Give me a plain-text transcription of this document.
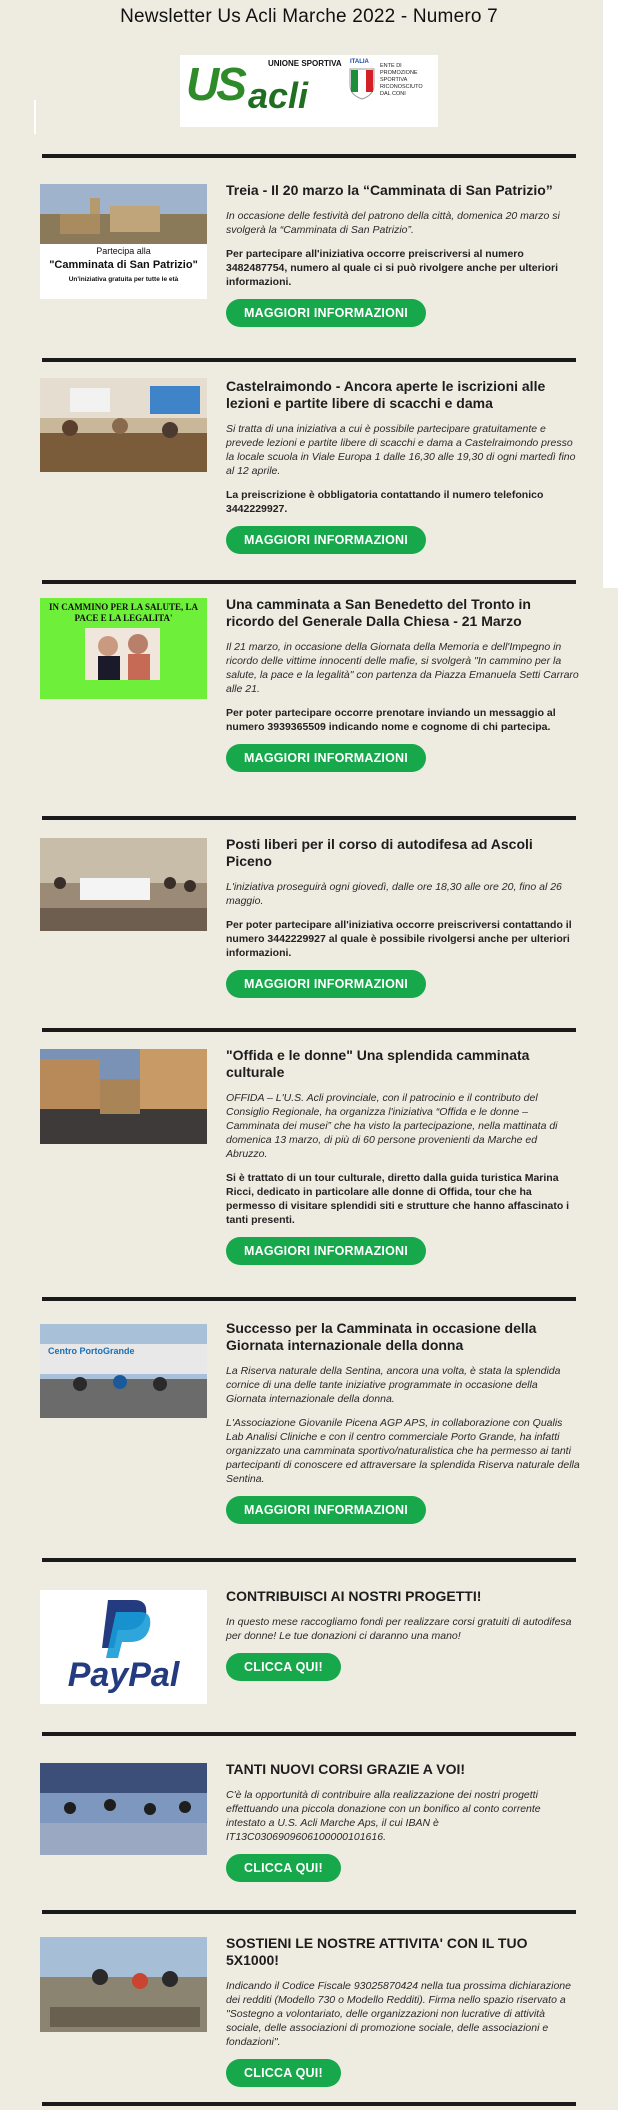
Newsletter Us Acli Marche 2022 - Numero 7
US acli
UNIONE SPORTIVA ITALIA
ENTE DI PROMOZIONE SPORTIVA RICONOSCIUTO DAL CONI
Partecipa alla
"Camminata di San Patrizio"
Un'iniziativa gratuita per tutte le età
Treia - Il 20 marzo la “Camminata di San Patrizio”
In occasione delle festività del patrono della città, domenica 20 marzo si svolgerà la “Camminata di San Patrizio”.
Per partecipare all'iniziativa occorre preiscriversi al numero 3482487754, numero al quale ci si può rivolgere anche per ulteriori informazioni.
MAGGIORI INFORMAZIONI
Castelraimondo - Ancora aperte le iscrizioni alle lezioni e partite libere di scacchi e dama
Si tratta di una iniziativa a cui è possibile partecipare gratuitamente e prevede lezioni e partite libere di scacchi e dama a Castelraimondo presso la locale scuola in Viale Europa 1 dalle 16,30 alle 19,30 di ogni martedì fino al 12 aprile.
La preiscrizione è obbligatoria contattando il numero telefonico 3442229927.
MAGGIORI INFORMAZIONI
IN CAMMINO PER LA SALUTE, LA PACE E LA LEGALITA'
Una camminata a San Benedetto del Tronto in ricordo del Generale Dalla Chiesa - 21 Marzo
Il 21 marzo, in occasione della Giornata della Memoria e dell'Impegno in ricordo delle vittime innocenti delle mafie, si svolgerà "In cammino per la salute, la pace e la legalità" con partenza da Piazza Emanuela Setti Carraro alle 21.
Per poter partecipare occorre prenotare inviando un messaggio al numero 3939365509 indicando nome e cognome di chi partecipa.
MAGGIORI INFORMAZIONI
Posti liberi per il corso di autodifesa ad Ascoli Piceno
L'iniziativa proseguirà ogni giovedì, dalle ore 18,30 alle ore 20, fino al 26 maggio.
Per poter partecipare all'iniziativa occorre preiscriversi contattando il numero 3442229927 al quale è possibile rivolgersi anche per ulteriori informazioni.
MAGGIORI INFORMAZIONI
"Offida e le donne" Una splendida camminata culturale
OFFIDA – L'U.S. Acli provinciale, con il patrocinio e il contributo del Consiglio Regionale, ha organizza l'iniziativa “Offida e le donne – Camminata dei musei” che ha visto la partecipazione, nella mattinata di domenica 13 marzo, di più di 60 persone provenienti da Marche ed Abruzzo.
Si è trattato di un tour culturale, diretto dalla guida turistica Marina Ricci, dedicato in particolare alle donne di Offida, tour che ha permesso di visitare splendidi siti e strutture che hanno affascinato i tanti presenti.
MAGGIORI INFORMAZIONI
Centro PortoGrande
Successo per la Camminata in occasione della Giornata internazionale della donna
La Riserva naturale della Sentina, ancora una volta, è stata la splendida cornice di una delle tante iniziative programmate in occasione della Giornata internazionale della donna.
L'Associazione Giovanile Picena AGP APS, in collaborazione con Qualis Lab Analisi Cliniche e con il centro commerciale Porto Grande, ha infatti organizzato una camminata sportivo/naturalistica che ha permesso ai tanti partecipanti di conoscere ed attraversare la splendida Riserva naturale della Sentina.
MAGGIORI INFORMAZIONI
PayPal
CONTRIBUISCI AI NOSTRI PROGETTI!
In questo mese raccogliamo fondi per realizzare corsi gratuiti di autodifesa per donne! Le tue donazioni ci daranno una mano!
CLICCA QUI!
TANTI NUOVI CORSI GRAZIE A VOI!
C'è la opportunità di contribuire alla realizzazione dei nostri progetti effettuando una piccola donazione con un bonifico al conto corrente intestato a U.S. Acli Marche Aps, il cui IBAN è IT13C0306909606100000101616.
CLICCA QUI!
SOSTIENI LE NOSTRE ATTIVITA' CON IL TUO 5X1000!
Indicando il Codice Fiscale 93025870424 nella tua prossima dichiarazione dei redditi (Modello 730 o Modello Redditi). Firma nello spazio riservato a "Sostegno a volontariato, delle organizzazioni non lucrative di attività sociale, delle associazioni di promozione sociale, delle associazioni e fondazioni".
CLICCA QUI!
